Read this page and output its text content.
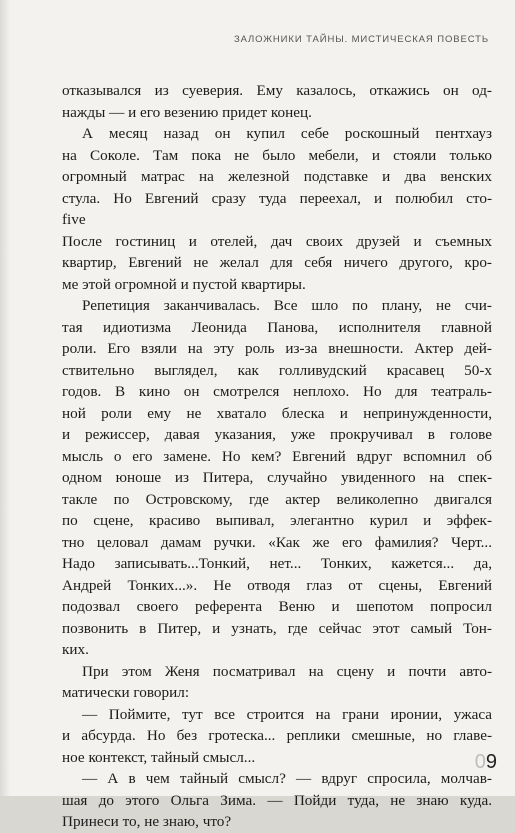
ЗАЛОЖНИКИ ТАЙНЫ. МИСТИЧЕСКАЯ ПОВЕСТЬ
отказывался из суеверия. Ему казалось, откажись он од-
нажды — и его везению придет конец.
А месяц назад он купил себе роскошный пентхауз
на Соколе. Там пока не было мебели, и стояли только
огромный матрас на железной подставке и два венских
стула. Но Евгений сразу туда переехал, и полюбил сто-
five
После гостиниц и отелей, дач своих друзей и съемных
квартир, Евгений не желал для себя ничего другого, кро-
ме этой огромной и пустой квартиры.
Репетиция заканчивалась. Все шло по плану, не счи-
тая идиотизма Леонида Панова, исполнителя главной
роли. Его взяли на эту роль из-за внешности. Актер дей-
ствительно выглядел, как голливудский красавец 50-х
годов. В кино он смотрелся неплохо. Но для театраль-
ной роли ему не хватало блеска и непринужденности,
и режиссер, давая указания, уже прокручивал в голове
мысль о его замене. Но кем? Евгений вдруг вспомнил об
одном юноше из Питера, случайно увиденного на спек-
такле по Островскому, где актер великолепно двигался
по сцене, красиво выпивал, элегантно курил и эффек-
тно целовал дамам ручки. «Как же его фамилия? Черт...
Надо записывать...Тонкий, нет... Тонких, кажется... да,
Андрей Тонких...». Не отводя глаз от сцены, Евгений
подозвал своего референта Веню и шепотом попросил
позвонить в Питер, и узнать, где сейчас этот самый Тон-
ких.
При этом Женя посматривал на сцену и почти авто-
матически говорил:
— Поймите, тут все строится на грани иронии, ужаса
и абсурда. Но без гротеска... реплики смешные, но главе-
ное контекст, тайный смысл...
— А в чем тайный смысл? — вдруг спросила, молчав-
шая до этого Ольга Зима. — Пойди туда, не знаю куда.
Принеси то, не знаю, что?
0 9
